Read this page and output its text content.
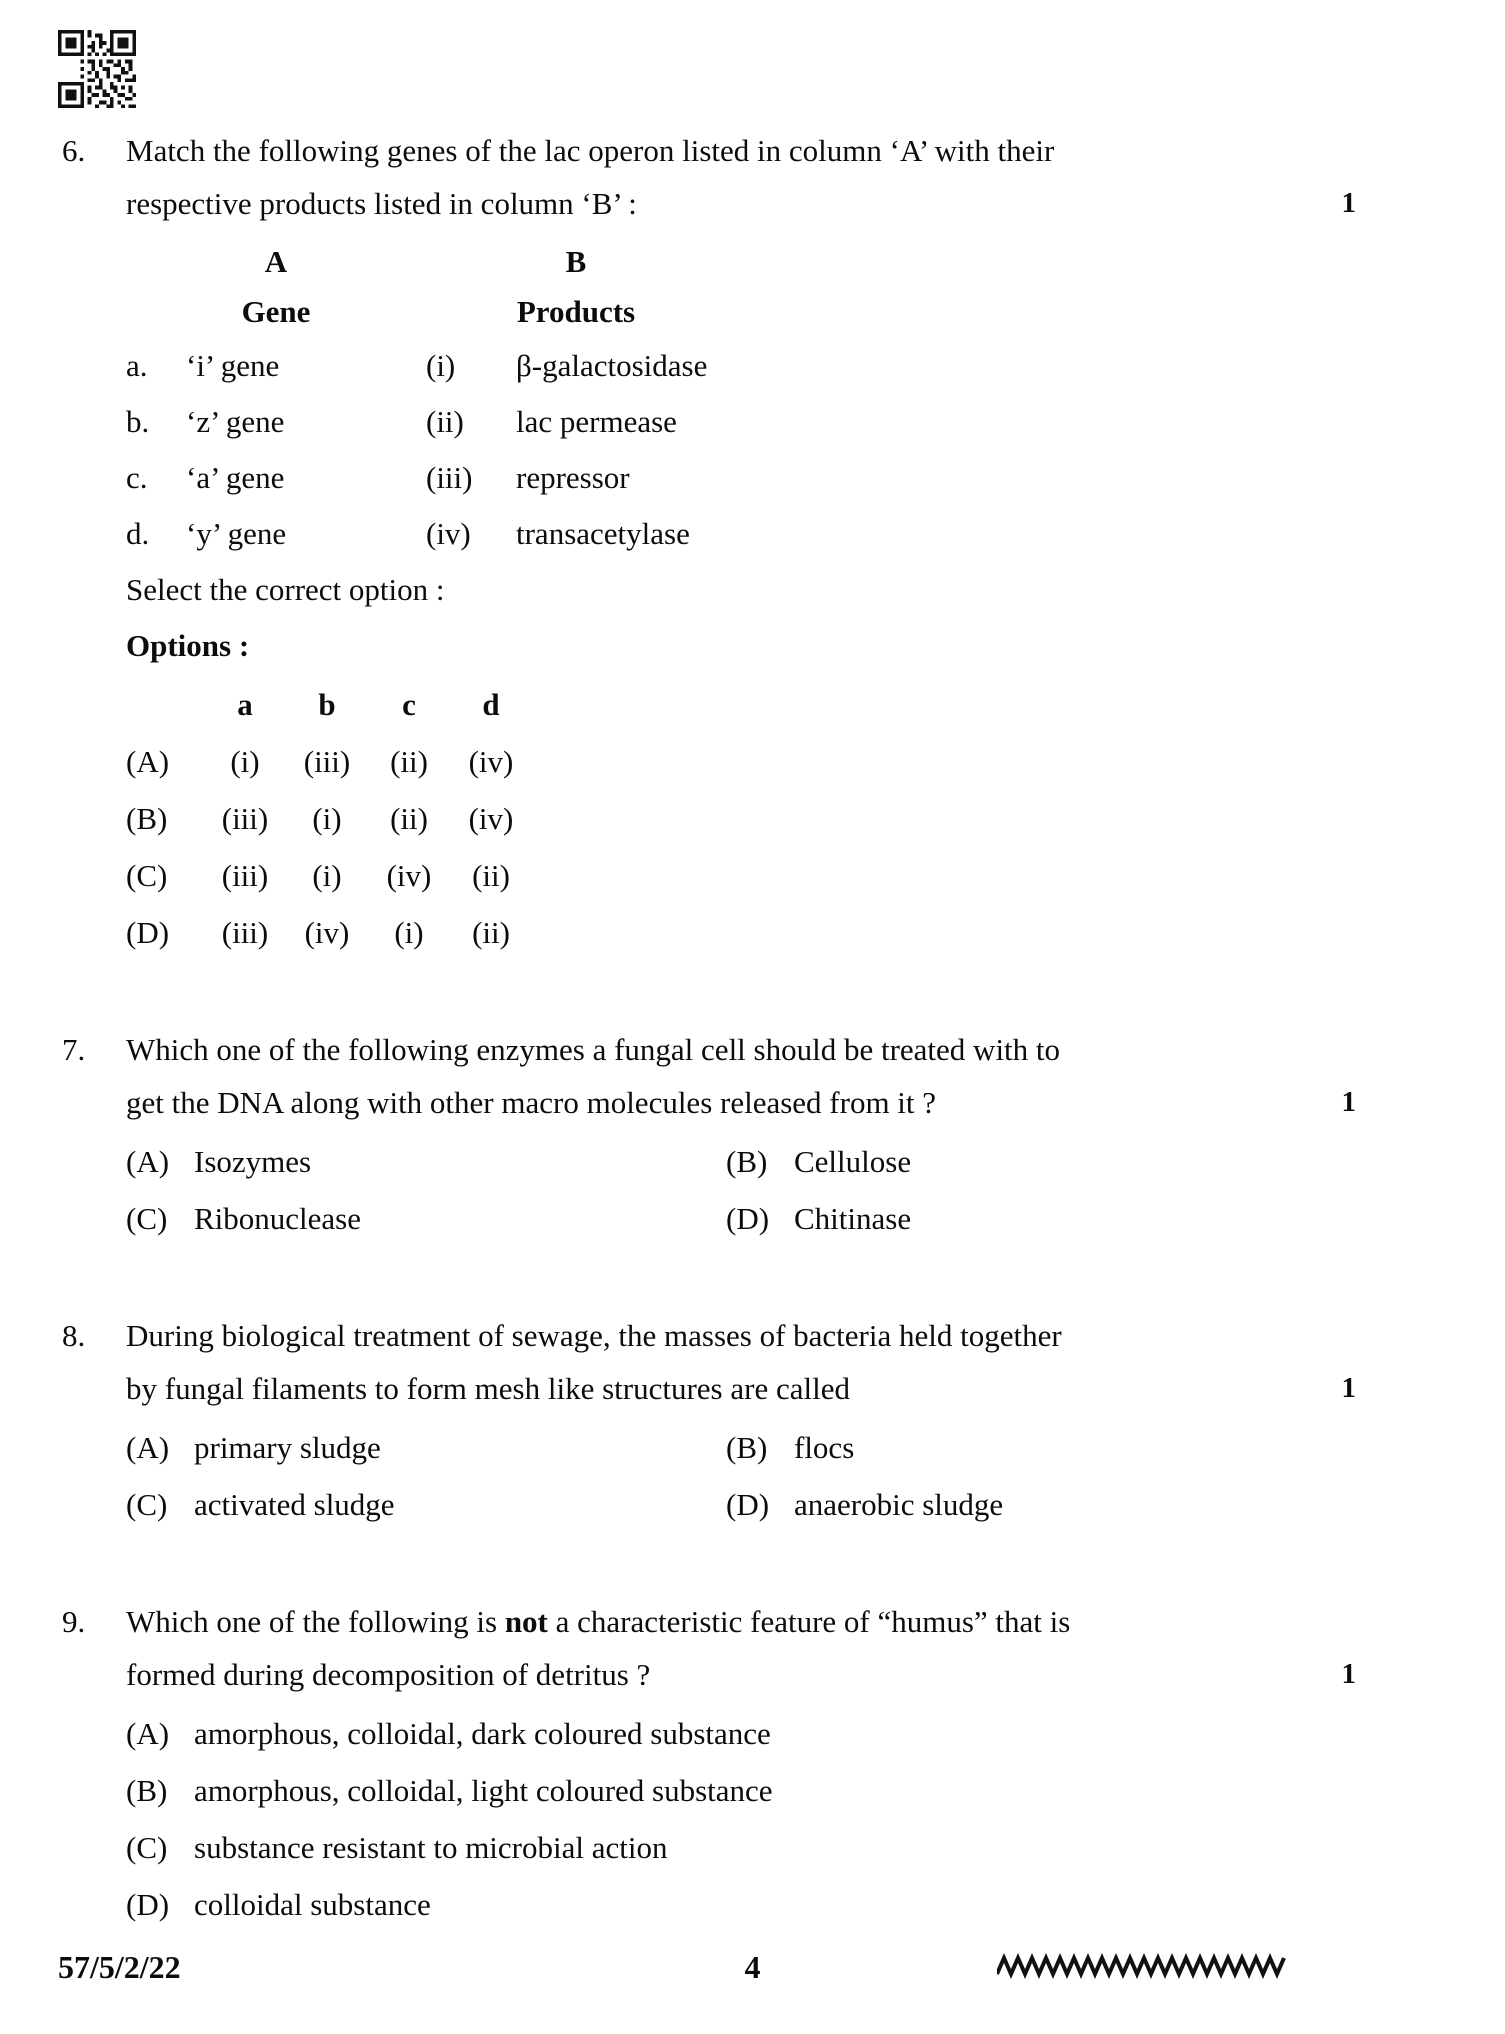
6.	Match the following genes of the lac operon listed in column ‘A’ with their
respective products listed in column ‘B’ :	1
A	B
Gene	Products
a.	‘i’ gene	(i)	β-galactosidase
b.	‘z’ gene	(ii)	lac permease
c.	‘a’ gene	(iii)	repressor
d.	‘y’ gene	(iv)	transacetylase
Select the correct option :
Options :
a	b	c	d
(A)	(i)	(iii)	(ii)	(iv)
(B)	(iii)	(i)	(ii)	(iv)
(C)	(iii)	(i)	(iv)	(ii)
(D)	(iii)	(iv)	(i)	(ii)
7.	Which one of the following enzymes a fungal cell should be treated with to
get the DNA along with other macro molecules released from it ?	1
(A) Isozymes	(B) Cellulose
(C) Ribonuclease	(D) Chitinase
8.	During biological treatment of sewage, the masses of bacteria held together
by fungal filaments to form mesh like structures are called	1
(A) primary sludge	(B) flocs
(C) activated sludge	(D) anaerobic sludge
9.	Which one of the following is not a characteristic feature of “humus” that is
formed during decomposition of detritus ?	1
(A) amorphous, colloidal, dark coloured substance
(B) amorphous, colloidal, light coloured substance
(C) substance resistant to microbial action
(D) colloidal substance
57/5/2/22	4
